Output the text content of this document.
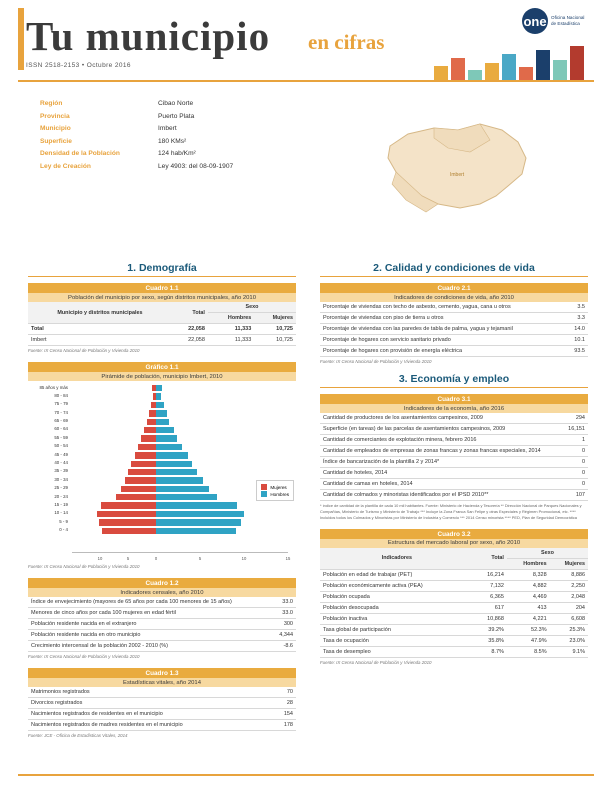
Tu municipio en cifras
ISSN 2518-2153 • Octubre 2016
one Oficina Nacional
de Estadística
Región	Cibao Norte
Provincia	Puerto Plata
Municipio	Imbert
Superficie	180 KMs²
Densidad de la Población	124 hab/Km²
Ley de Creación	Ley 4903: del 08-09-1907
Imbert
1. Demografía
Cuadro 1.1
Población del municipio por sexo, según distritos municipales, año 2010
Municipio y distritos municipales	Total	Sexo	
		Hombres	Mujeres
Total	22,058	11,333	10,725
Imbert	22,058	11,333	10,725
Fuente: IX Censo Nacional de Población y Vivienda 2010
Gráfico 1.1
Pirámide de población, municipio Imbert, 2010
85 años y más
80 - 84
75 - 79
70 - 74
65 - 69
60 - 64
55 - 59
50 - 54
45 - 49
40 - 44
35 - 39
30 - 34
25 - 29
20 - 24
15 - 19
10 - 14
5 - 9
0 - 4
10	5	0	5	10	15
Mujeres
Hombres
Fuente: IX Censo Nacional de Población y Vivienda 2010
Cuadro 1.2
Indicadores censales, año 2010
Índice de envejecimiento (mayores de 65 años por cada 100 menores de 15 años)	33.0
Menores de cinco años por cada 100 mujeres en edad fértil	33.0
Población residente nacida en el extranjero	300
Población residente nacida en otro municipio	4,344
Crecimiento intercensal de la población 2002 - 2010 (%)	-8.6
Fuente: IX Censo Nacional de Población y Vivienda 2010
Cuadro 1.3
Estadísticas vitales, año 2014
Matrimonios registrados	70
Divorcios registrados	28
Nacimientos registrados de residentes en el municipio	154
Nacimientos registrados de madres residentes en el municipio	178
Fuente: JCE - Oficina de Estadísticas Vitales, 2014
2. Calidad y condiciones de vida
Cuadro 2.1
Indicadores de condiciones de vida, año 2010
Porcentaje de viviendas con techo de asbesto, cemento, yagua, cana u otros	3.5
Porcentaje de viviendas con piso de tierra u otros	3.3
Porcentaje de viviendas con las paredes de tabla de palma, yagua y tejamanil	14.0
Porcentaje de hogares con servicio sanitario privado	10.1
Porcentaje de hogares con provisión de energía eléctrica	93.5
Fuente: IX Censo Nacional de Población y Vivienda 2010
3. Economía y empleo
Cuadro 3.1
Indicadores de la economía, año 2016
Cantidad de productores de los asentamientos campesinos, 2009	294
Superficie (en tareas) de las parcelas de asentamientos campesinos, 2009	16,151
Cantidad de comerciantes de explotación minera, febrero 2016	1
Cantidad de empleados de empresas de zonas francas y zonas francas especiales, 2014	0
Índice de bancarización de la plantilla 2 y 2014*	0
Cantidad de hoteles, 2014	0
Cantidad de camas en hoteles, 2014	0
Cantidad de colmados y minoristas identificados por el IPSD 2010**	107
* índice de cantidad de la plantilla de cada 10 mil habitantes. Fuente: Ministerio de Hacienda y Tesorería ** Dirección Nacional de Parques Nacionales y Compañías, Ministerio de Turismo y Ministerio de Trabajo *** Incluye la Zona Franca San Felipe y otras Especiales y Régimen Promocional, etc. **** Incluidos todos los Colmados y Minoristas por Ministerio de Industria y Comercio *** 2014 Censo minorista **** PED, Plan de Seguridad Democrática
Cuadro 3.2
Estructura del mercado laboral por sexo, año 2010
Indicadores	Total	Sexo	
		Hombres	Mujeres
Población en edad de trabajar (PET)	16,214	8,328	8,886
Población económicamente activa (PEA)	7,132	4,882	2,250
Población ocupada	6,365	4,469	2,048
Población desocupada	617	413	204
Población inactiva	10,868	4,221	6,608
Tasa global de participación	39.2%	52.3%	25.3%
Tasa de ocupación	35.8%	47.9%	23.0%
Tasa de desempleo	8.7%	8.5%	9.1%
Fuente: IX Censo Nacional de Población y Vivienda 2010
